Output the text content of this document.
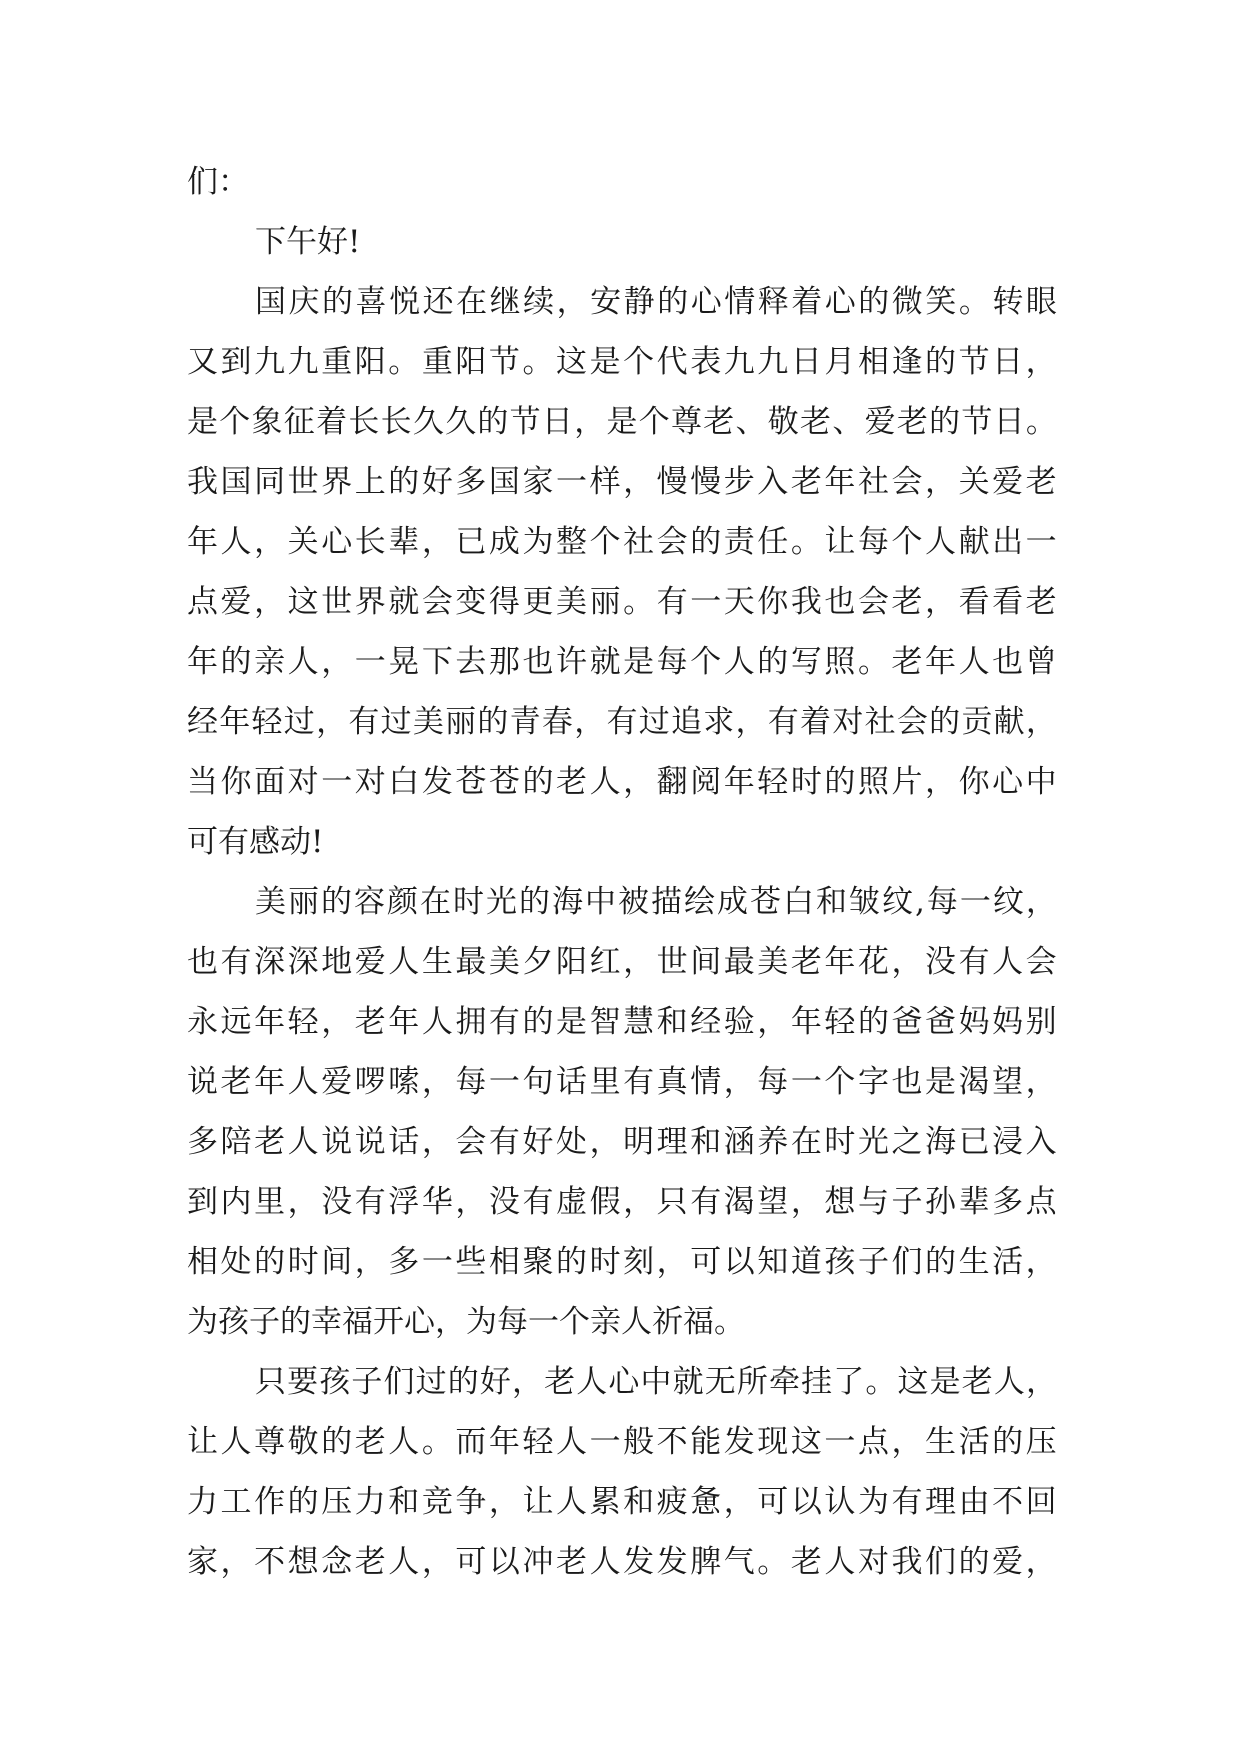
们：
下午好!
国 庆 的 喜 悦 还 在 继 续 ， 安 静 的 心 情 释 着 心 的 微 笑 。 转 眼
又 到 九 九 重 阳 。 重 阳 节 。 这 是 个 代 表 九 九 日 月 相 逢 的 节 日 ，
是 个 象 征 着 长 长 久 久 的 节 日 ， 是 个 尊 老 、 敬 老 、 爱 老 的 节 日 。
我 国 同 世 界 上 的 好 多 国 家 一 样 ， 慢 慢 步 入 老 年 社 会 ， 关 爱 老
年 人 ， 关 心 长 辈 ， 已 成 为 整 个 社 会 的 责 任 。 让 每 个 人 献 出 一
点 爱 ， 这 世 界 就 会 变 得 更 美 丽 。 有 一 天 你 我 也 会 老 ， 看 看 老
年 的 亲 人 ， 一 晃 下 去 那 也 许 就 是 每 个 人 的 写 照 。 老 年 人 也 曾
经 年 轻 过 ， 有 过 美 丽 的 青 春 ， 有 过 追 求 ， 有 着 对 社 会 的 贡 献 ，
当 你 面 对 一 对 白 发 苍 苍 的 老 人 ， 翻 阅 年 轻 时 的 照 片 ， 你 心 中
可有感动!
美 丽 的 容 颜 在 时 光 的 海 中 被 描 绘 成 苍 白 和 皱 纹 , 每 一 纹 ，
也 有 深 深 地 爱 人 生 最 美 夕 阳 红 ， 世 间 最 美 老 年 花 ， 没 有 人 会
永 远 年 轻 ， 老 年 人 拥 有 的 是 智 慧 和 经 验 ， 年 轻 的 爸 爸 妈 妈 别
说 老 年 人 爱 啰 嗦 ， 每 一 句 话 里 有 真 情 ， 每 一 个 字 也 是 渴 望 ，
多 陪 老 人 说 说 话 ， 会 有 好 处 ， 明 理 和 涵 养 在 时 光 之 海 已 浸 入
到 内 里 ， 没 有 浮 华 ， 没 有 虚 假 ， 只 有 渴 望 ， 想 与 子 孙 辈 多 点
相 处 的 时 间 ， 多 一 些 相 聚 的 时 刻 ， 可 以 知 道 孩 子 们 的 生 活 ，
为孩子的幸福开心，为每一个亲人祈福。
只 要 孩 子 们 过 的 好 ， 老 人 心 中 就 无 所 牵 挂 了 。 这 是 老 人 ，
让 人 尊 敬 的 老 人 。 而 年 轻 人 一 般 不 能 发 现 这 一 点 ， 生 活 的 压
力 工 作 的 压 力 和 竞 争 ， 让 人 累 和 疲 惫 ， 可 以 认 为 有 理 由 不 回
家 ， 不 想 念 老 人 ， 可 以 冲 老 人 发 发 脾 气 。 老 人 对 我 们 的 爱 ，
